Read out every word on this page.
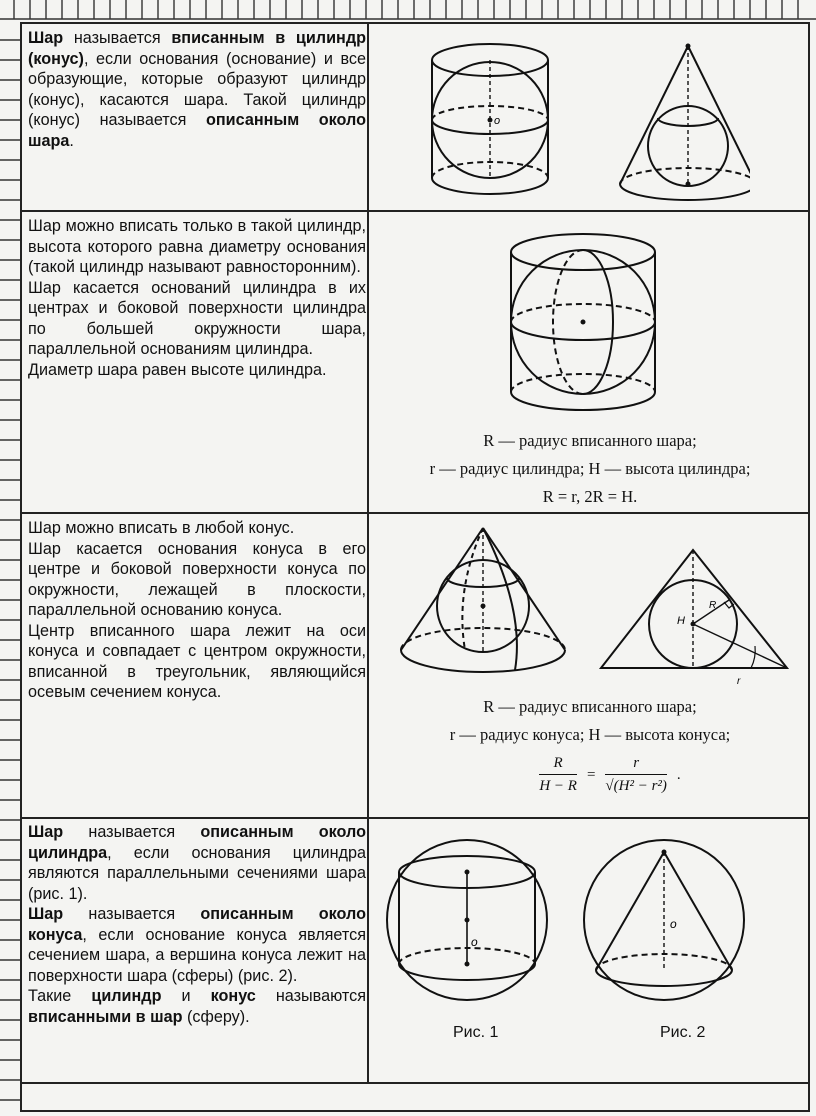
Шар называется вписанным в цилиндр (конус), если основания (основание) и все образующие, которые образуют цилиндр (конус), касаются шара. Такой цилиндр (конус) называется описанным около шара.

o

Шар можно вписать только в такой цилиндр, высота которого равна диаметру основания (такой цилиндр называют равносторонним).

Шар касается оснований цилиндра в их центрах и боковой поверхности цилиндра по большей окружности шара, параллельной основаниям цилиндра.

Диаметр шара равен высоте цилиндра.

R — радиус вписанного шара;
r — радиус цилиндра; H — высота цилиндра;
R = r, 2R = H.

Шар можно вписать в любой конус.

Шар касается основания конуса в его центре и боковой поверхности конуса по окружности, лежащей в плоскости, параллельной основанию конуса.

Центр вписанного шара лежит на оси конуса и совпадает с центром окружности, вписанной в треугольник, являющийся осевым сечением конуса.

H
R
r
R — радиус вписанного шара;
r — радиус конуса; H — высота конуса;
$\frac{R}{H - R} = \frac{r}{\text{√(H² − r²)}}$ .

Шар называется описанным около цилиндра, если основания цилиндра являются параллельными сечениями шара (рис. 1).

Шар называется описанным около конуса, если основание конуса является сечением шара, а вершина конуса лежит на поверхности шара (сферы) (рис. 2).

Такие цилиндр и конус называются вписанными в шар (сферу).

o
o
Рис. 1	Рис. 2
